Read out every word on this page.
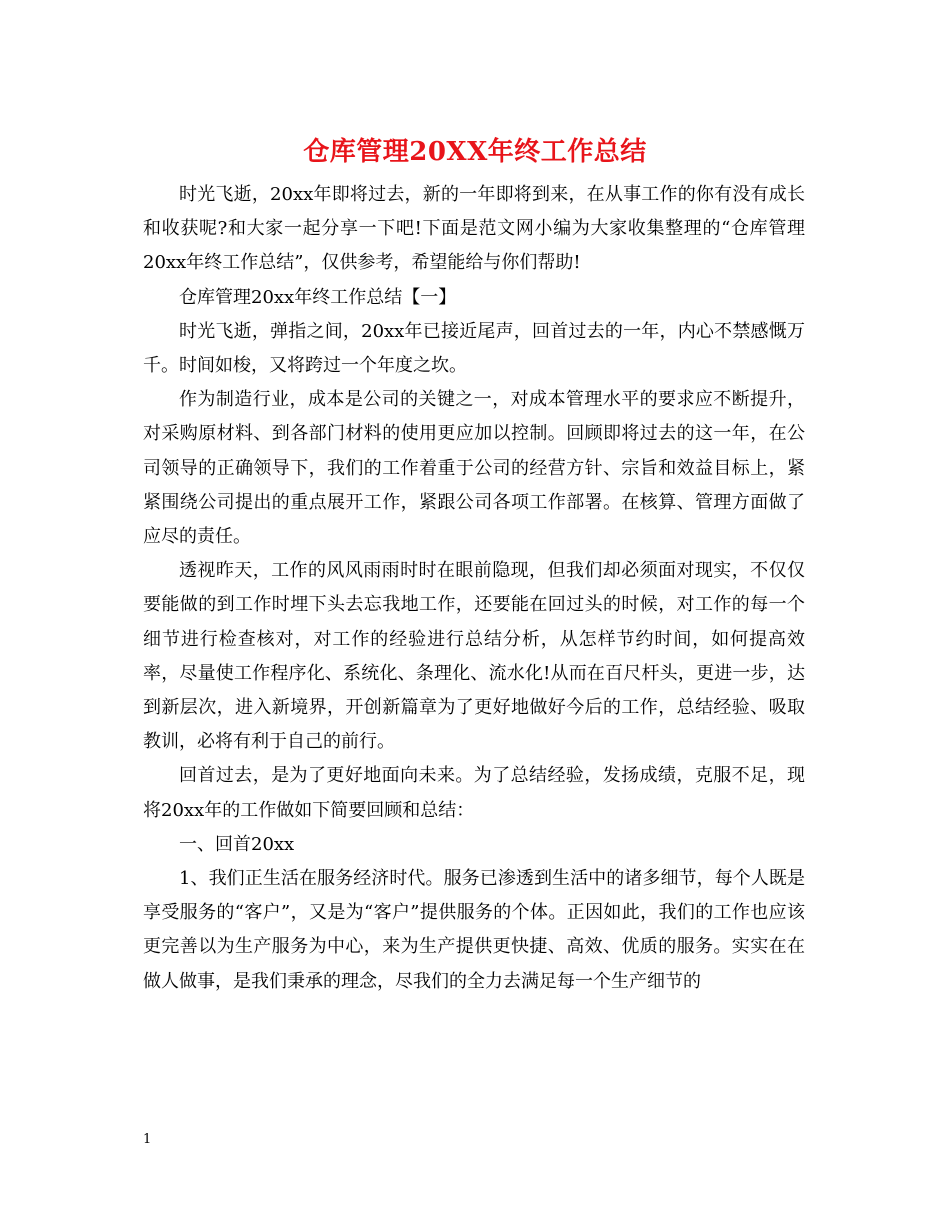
仓库管理20XX年终工作总结

时光飞逝，20xx年即将过去，新的一年即将到来，在从事工作的你有没有成长和收获呢?和大家一起分享一下吧!下面是范文网小编为大家收集整理的“仓库管理20xx年终工作总结”，仅供参考，希望能给与你们帮助!

仓库管理20xx年终工作总结【一】

时光飞逝，弹指之间，20xx年已接近尾声，回首过去的一年，内心不禁感慨万千。时间如梭，又将跨过一个年度之坎。

作为制造行业，成本是公司的关键之一，对成本管理水平的要求应不断提升，对采购原材料、到各部门材料的使用更应加以控制。回顾即将过去的这一年，在公司领导的正确领导下，我们的工作着重于公司的经营方针、宗旨和效益目标上，紧紧围绕公司提出的重点展开工作，紧跟公司各项工作部署。在核算、管理方面做了应尽的责任。

透视昨天，工作的风风雨雨时时在眼前隐现，但我们却必须面对现实，不仅仅要能做的到工作时埋下头去忘我地工作，还要能在回过头的时候，对工作的每一个细节进行检查核对，对工作的经验进行总结分析，从怎样节约时间，如何提高效率，尽量使工作程序化、系统化、条理化、流水化!从而在百尺杆头，更进一步，达到新层次，进入新境界，开创新篇章为了更好地做好今后的工作，总结经验、吸取教训，必将有利于自己的前行。

回首过去，是为了更好地面向未来。为了总结经验，发扬成绩，克服不足，现将20xx年的工作做如下简要回顾和总结：

一、回首20xx

1、我们正生活在服务经济时代。服务已渗透到生活中的诸多细节，每个人既是享受服务的“客户”，又是为“客户”提供服务的个体。正因如此，我们的工作也应该更完善以为生产服务为中心，来为生产提供更快捷、高效、优质的服务。实实在在做人做事，是我们秉承的理念，尽我们的全力去满足每一个生产细节的

1
